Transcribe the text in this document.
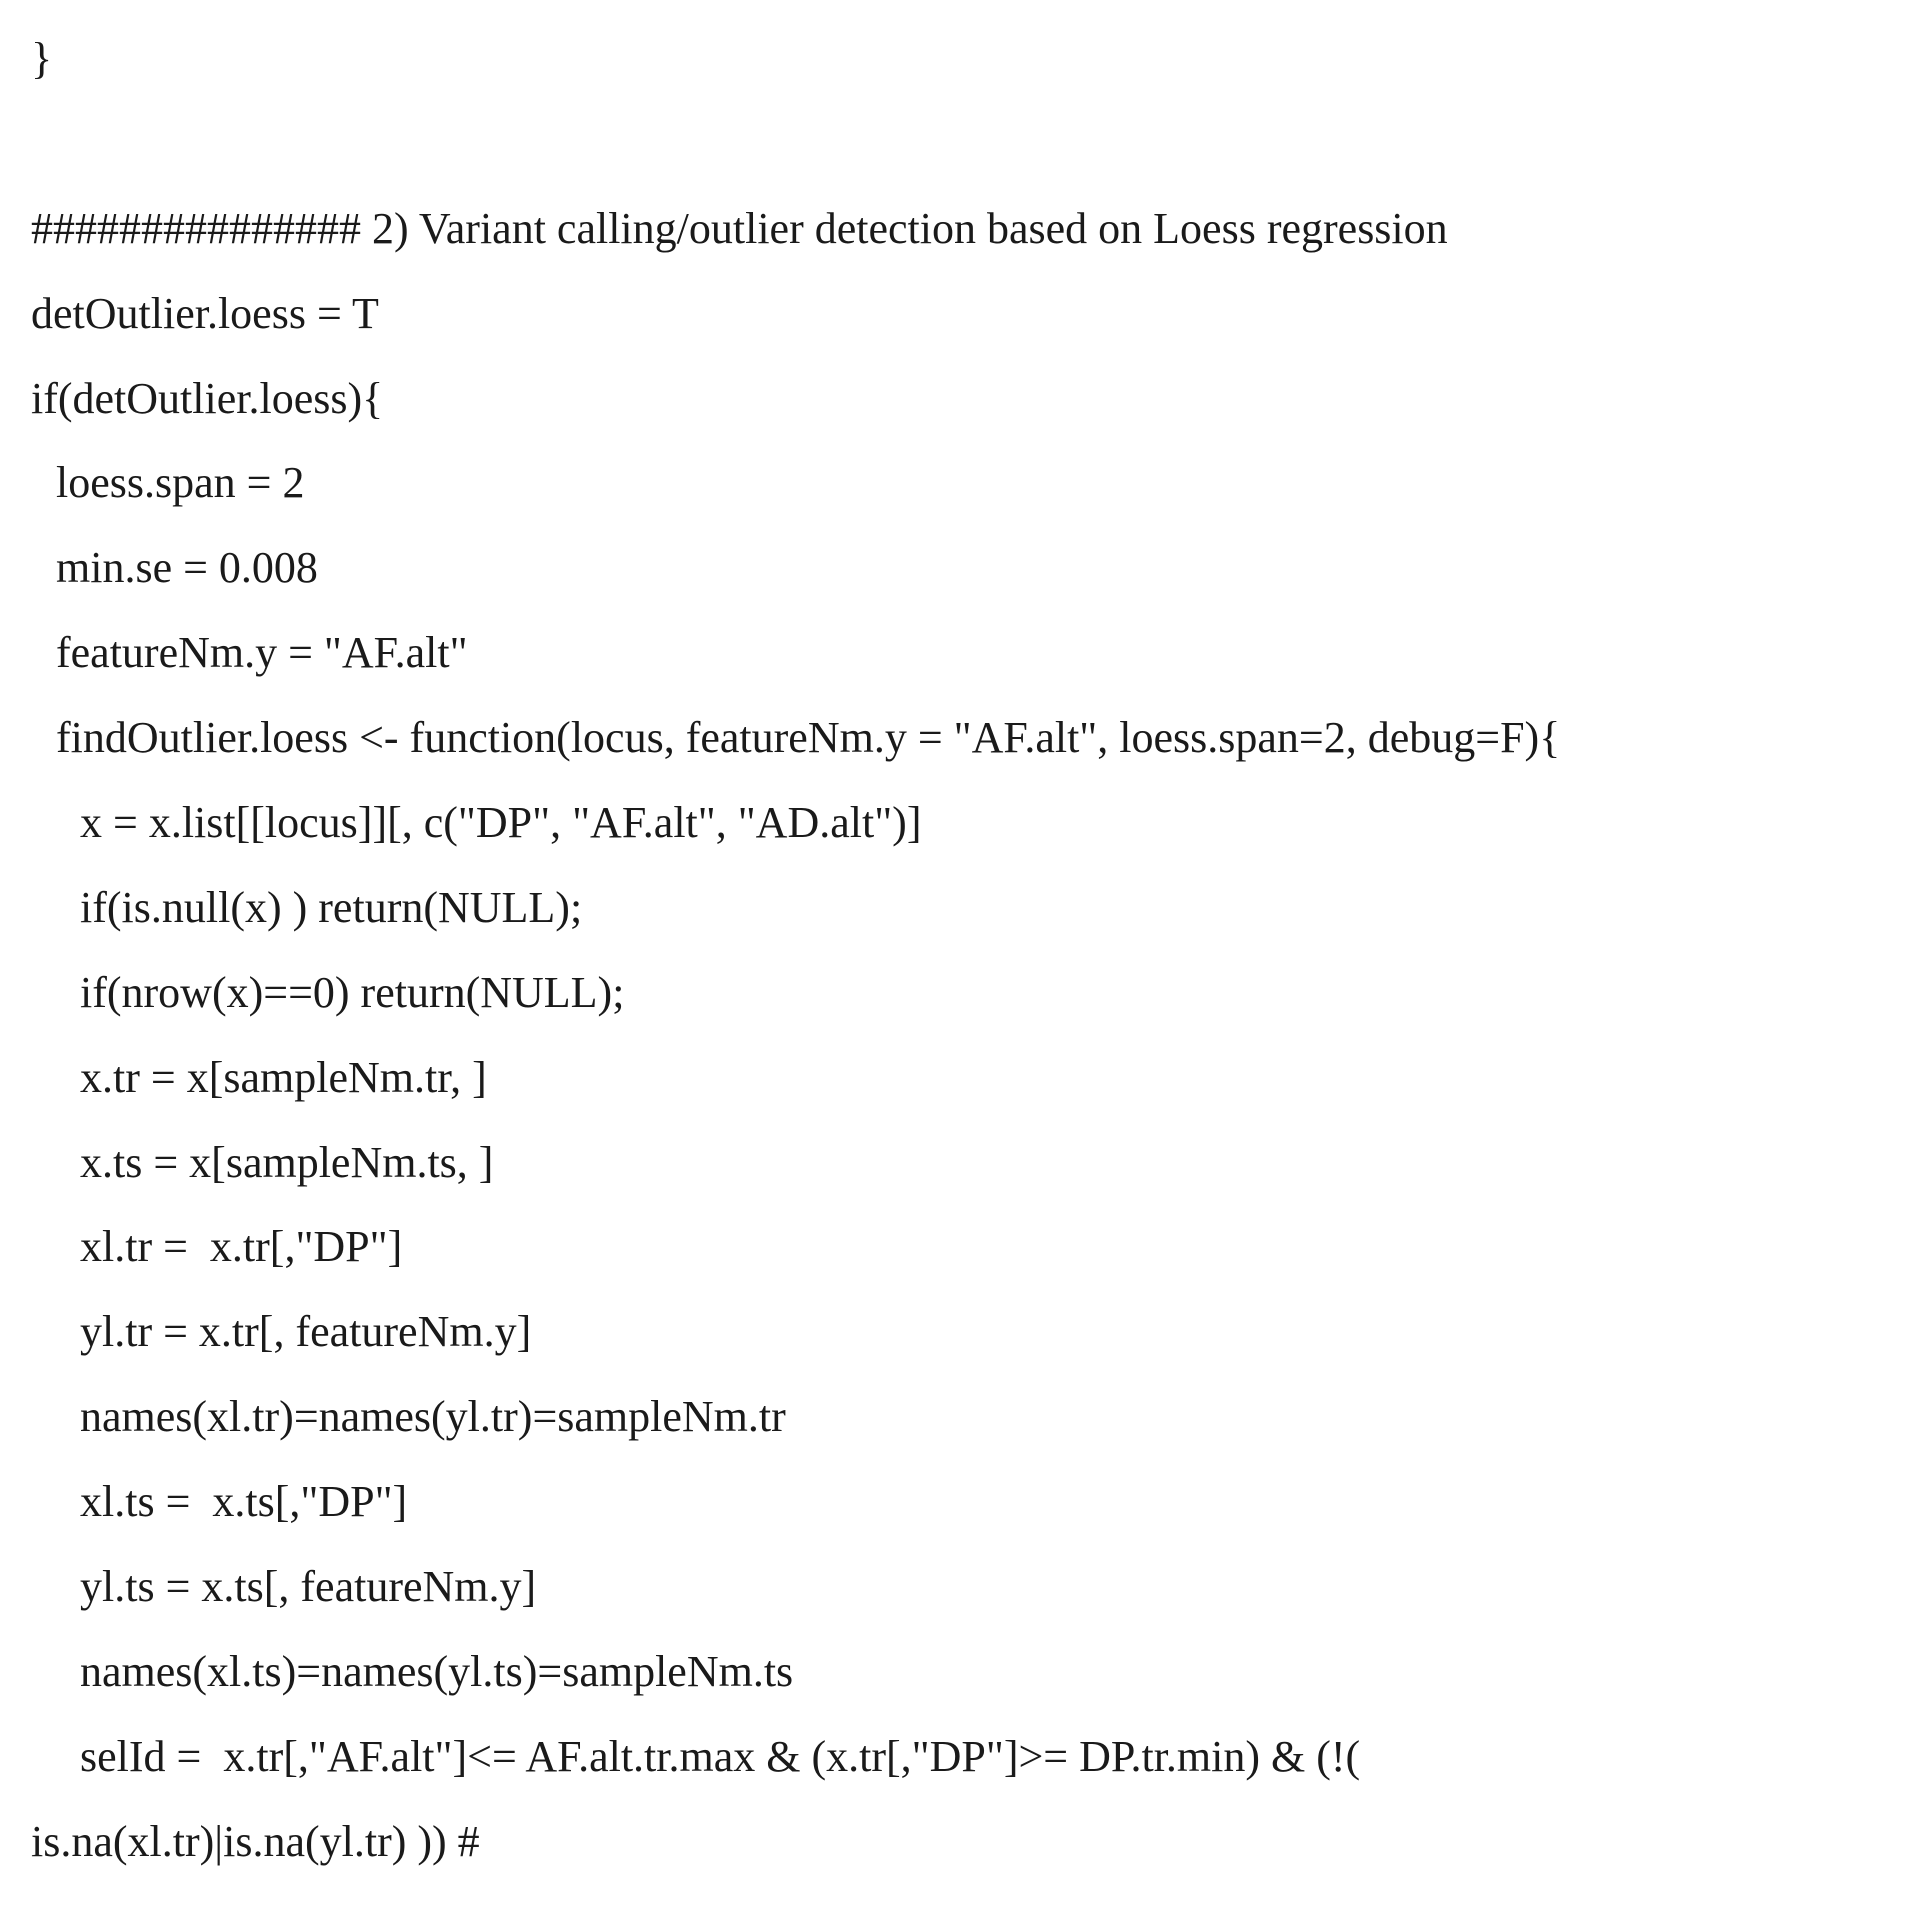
}
############### 2) Variant calling/outlier detection based on Loess regression
detOutlier.loess = T
if(detOutlier.loess){
loess.span = 2
min.se = 0.008
featureNm.y = "AF.alt"
findOutlier.loess <- function(locus, featureNm.y = "AF.alt", loess.span=2, debug=F){
x = x.list[[locus]][, c("DP", "AF.alt", "AD.alt")]
if(is.null(x) ) return(NULL);
if(nrow(x)==0) return(NULL);
x.tr = x[sampleNm.tr, ]
x.ts = x[sampleNm.ts, ]
xl.tr =  x.tr[,"DP"]
yl.tr = x.tr[, featureNm.y]
names(xl.tr)=names(yl.tr)=sampleNm.tr
xl.ts =  x.ts[,"DP"]
yl.ts = x.ts[, featureNm.y]
names(xl.ts)=names(yl.ts)=sampleNm.ts
selId =  x.tr[,"AF.alt"]<= AF.alt.tr.max & (x.tr[,"DP"]>= DP.tr.min) & (!(
is.na(xl.tr)|is.na(yl.tr) )) #
